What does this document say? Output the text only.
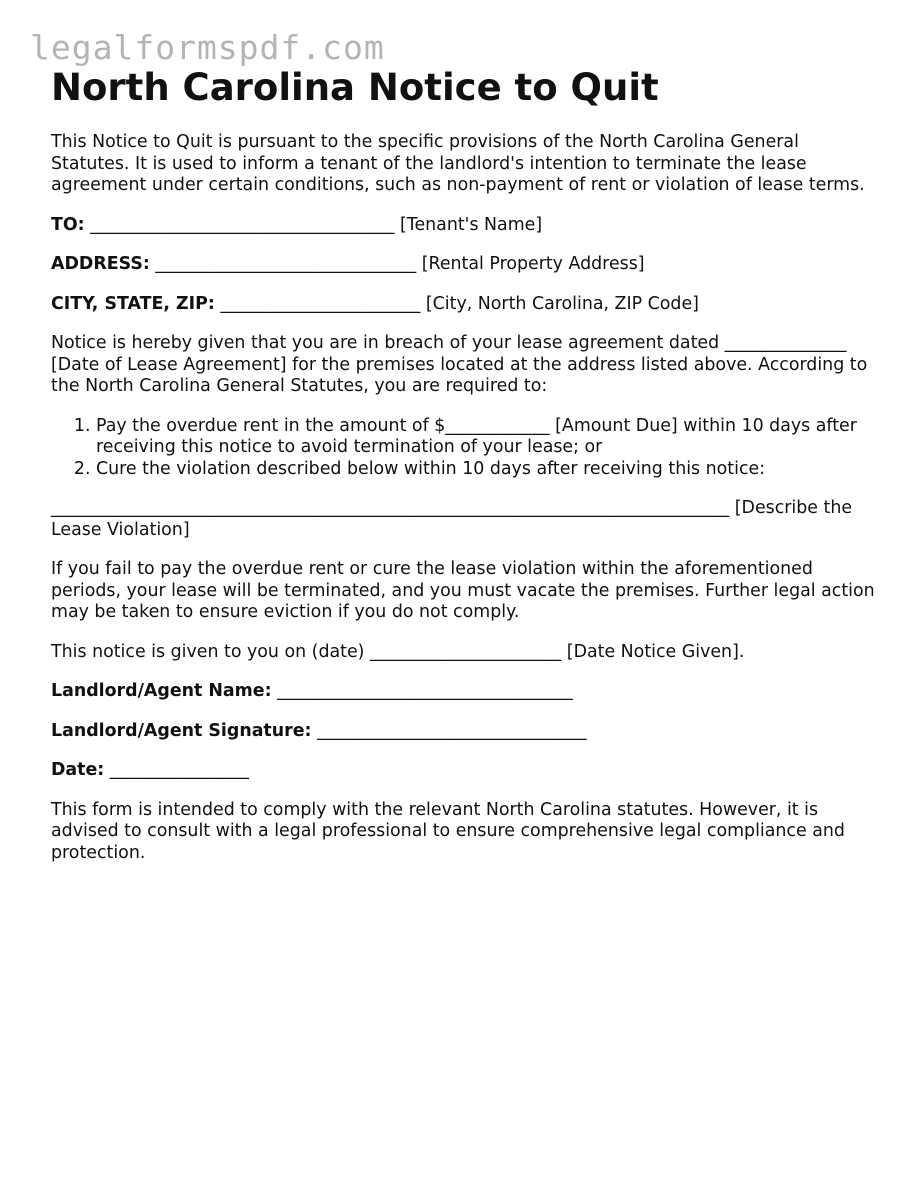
legalformspdf.com
North Carolina Notice to Quit

This Notice to Quit is pursuant to the specific provisions of the North Carolina General Statutes. It is used to inform a tenant of the landlord's intention to terminate the lease agreement under certain conditions, such as non-payment of rent or violation of lease terms.

TO: ___________________________________ [Tenant's Name]

ADDRESS: ______________________________ [Rental Property Address]

CITY, STATE, ZIP: _______________________ [City, North Carolina, ZIP Code]

Notice is hereby given that you are in breach of your lease agreement dated ______________ [Date of Lease Agreement] for the premises located at the address listed above. According to the North Carolina General Statutes, you are required to:

1. Pay the overdue rent in the amount of $____________ [Amount Due] within 10 days after receiving this notice to avoid termination of your lease; or
2. Cure the violation described below within 10 days after receiving this notice:

______________________________________________________________________________ [Describe the Lease Violation]

If you fail to pay the overdue rent or cure the lease violation within the aforementioned periods, your lease will be terminated, and you must vacate the premises. Further legal action may be taken to ensure eviction if you do not comply.

This notice is given to you on (date) ______________________ [Date Notice Given].

Landlord/Agent Name: __________________________________

Landlord/Agent Signature: _______________________________

Date: ________________

This form is intended to comply with the relevant North Carolina statutes. However, it is advised to consult with a legal professional to ensure comprehensive legal compliance and protection.
